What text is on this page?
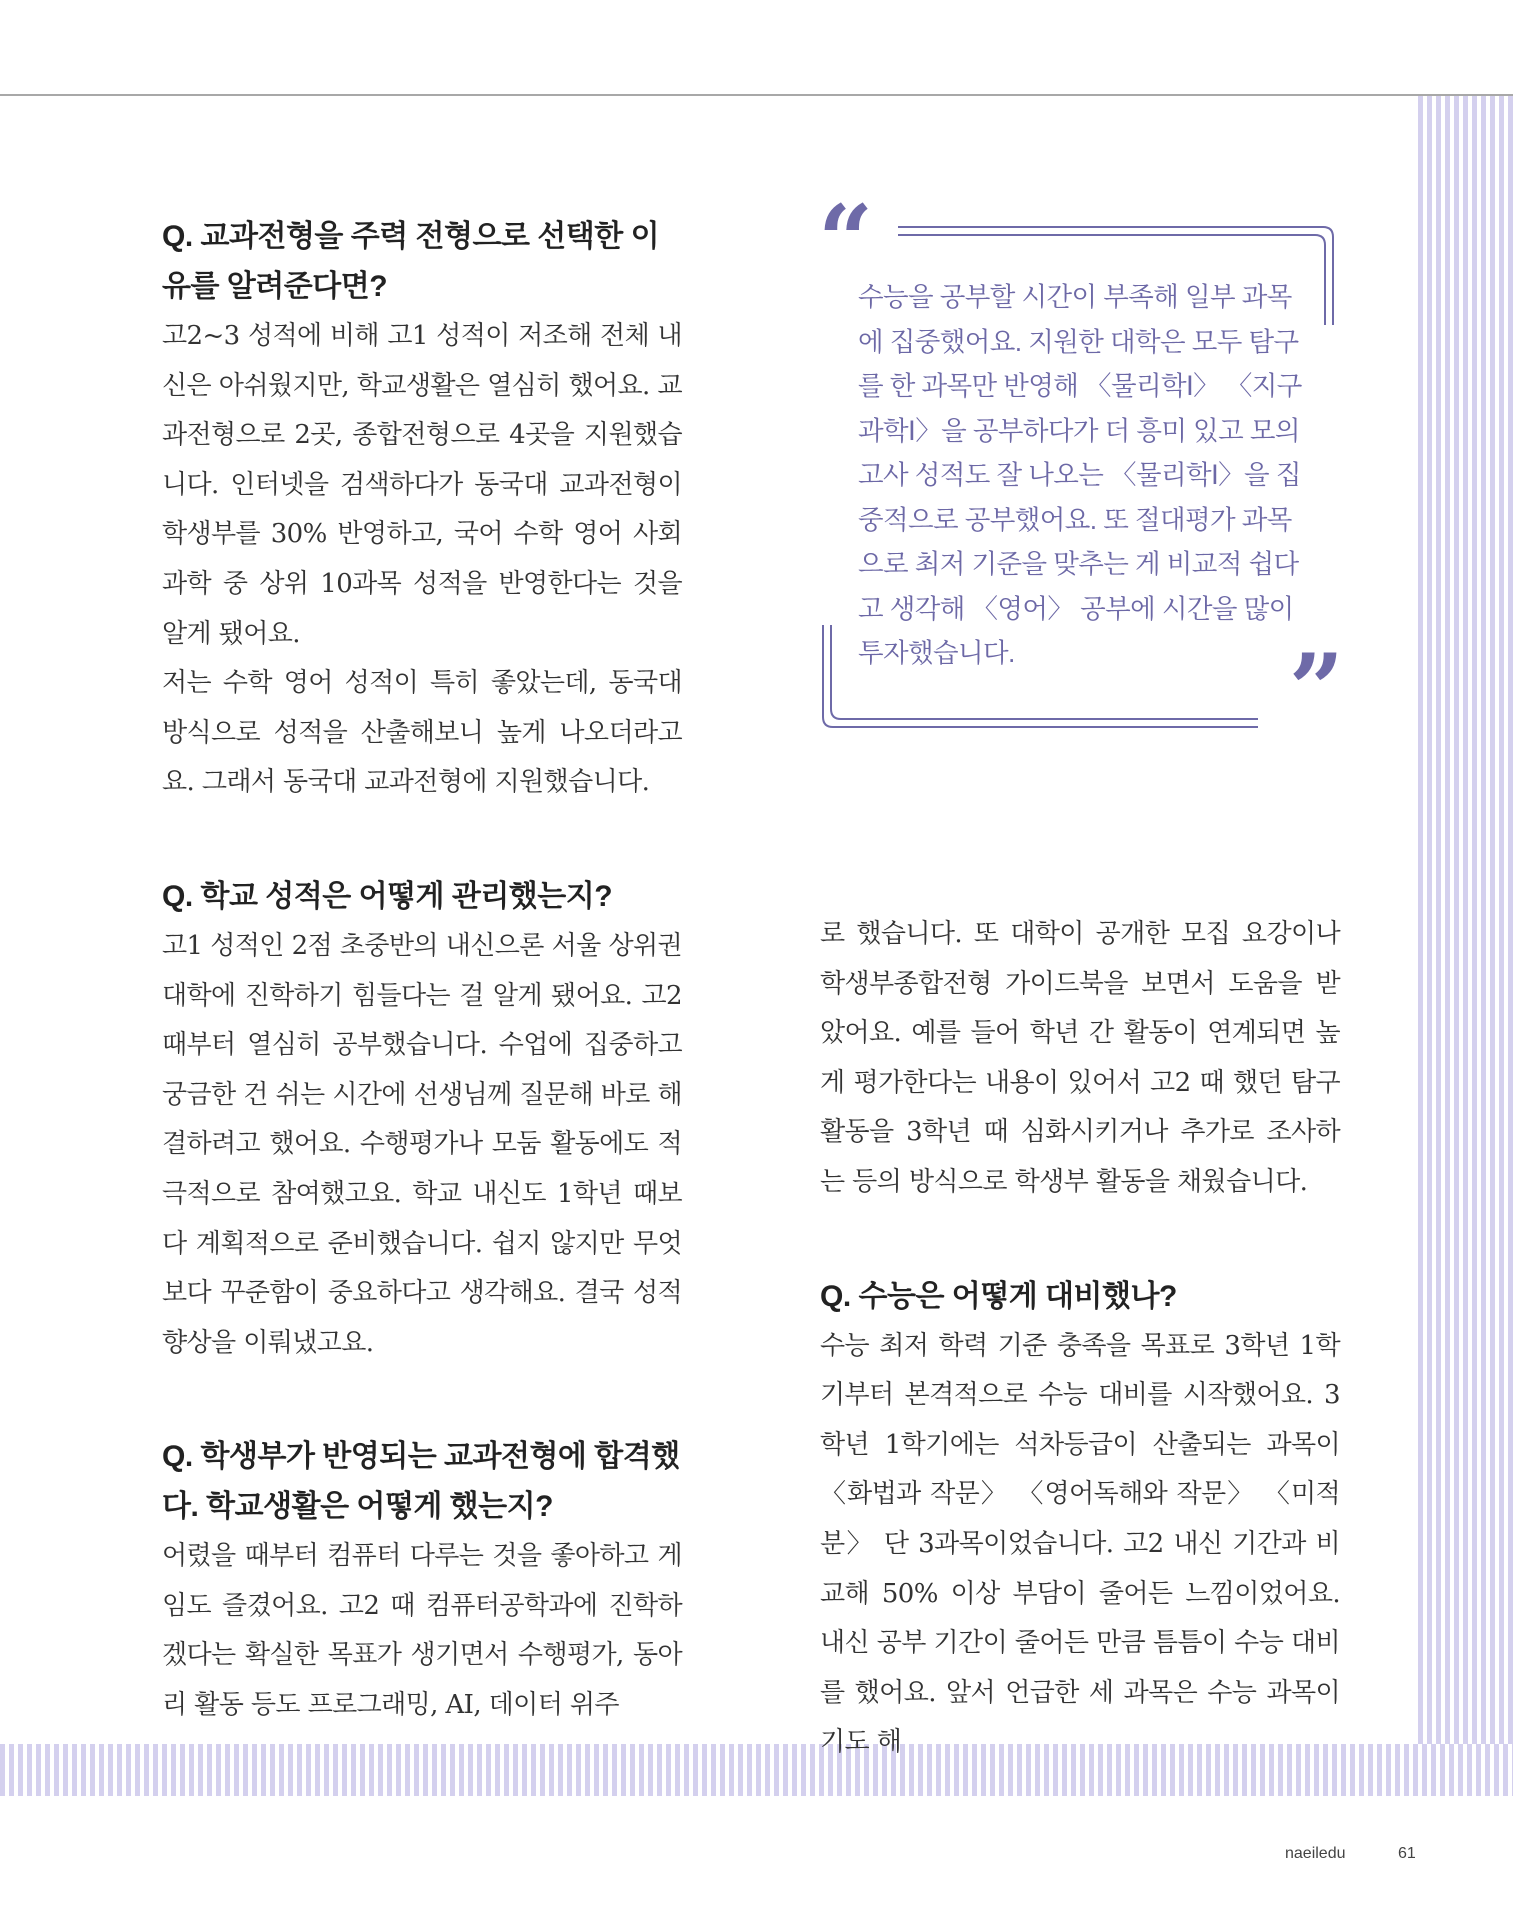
Q. 교과전형을 주력 전형으로 선택한 이유를 알려준다면?

고2~3 성적에 비해 고1 성적이 저조해 전체 내신은 아쉬웠지만, 학교생활은 열심히 했어요. 교과전형으로 2곳, 종합전형으로 4곳을 지원했습니다. 인터넷을 검색하다가 동국대 교과전형이 학생부를 30% 반영하고, 국어 수학 영어 사회 과학 중 상위 10과목 성적을 반영한다는 것을 알게 됐어요.

저는 수학 영어 성적이 특히 좋았는데, 동국대 방식으로 성적을 산출해보니 높게 나오더라고요. 그래서 동국대 교과전형에 지원했습니다.

Q. 학교 성적은 어떻게 관리했는지?

고1 성적인 2점 초중반의 내신으론 서울 상위권 대학에 진학하기 힘들다는 걸 알게 됐어요. 고2 때부터 열심히 공부했습니다. 수업에 집중하고 궁금한 건 쉬는 시간에 선생님께 질문해 바로 해결하려고 했어요. 수행평가나 모둠 활동에도 적극적으로 참여했고요. 학교 내신도 1학년 때보다 계획적으로 준비했습니다. 쉽지 않지만 무엇보다 꾸준함이 중요하다고 생각해요. 결국 성적 향상을 이뤄냈고요.

Q. 학생부가 반영되는 교과전형에 합격했다. 학교생활은 어떻게 했는지?

어렸을 때부터 컴퓨터 다루는 것을 좋아하고 게임도 즐겼어요. 고2 때 컴퓨터공학과에 진학하겠다는 확실한 목표가 생기면서 수행평가, 동아리 활동 등도 프로그래밍, AI, 데이터 위주

“

수능을 공부할 시간이 부족해 일부 과목에 집중했어요. 지원한 대학은 모두 탐구를 한 과목만 반영해 〈물리학Ⅰ〉 〈지구과학Ⅰ〉을 공부하다가 더 흥미 있고 모의고사 성적도 잘 나오는 〈물리학Ⅰ〉을 집중적으로 공부했어요. 또 절대평가 과목으로 최저 기준을 맞추는 게 비교적 쉽다고 생각해 〈영어〉 공부에 시간을 많이 투자했습니다.	”

로 했습니다. 또 대학이 공개한 모집 요강이나 학생부종합전형 가이드북을 보면서 도움을 받았어요. 예를 들어 학년 간 활동이 연계되면 높게 평가한다는 내용이 있어서 고2 때 했던 탐구 활동을 3학년 때 심화시키거나 추가로 조사하는 등의 방식으로 학생부 활동을 채웠습니다.

Q. 수능은 어떻게 대비했나?

수능 최저 학력 기준 충족을 목표로 3학년 1학기부터 본격적으로 수능 대비를 시작했어요. 3학년 1학기에는 석차등급이 산출되는 과목이 〈화법과 작문〉 〈영어독해와 작문〉 〈미적분〉 단 3과목이었습니다. 고2 내신 기간과 비교해 50% 이상 부담이 줄어든 느낌이었어요. 내신 공부 기간이 줄어든 만큼 틈틈이 수능 대비를 했어요. 앞서 언급한 세 과목은 수능 과목이기도 해

naeiledu	61
